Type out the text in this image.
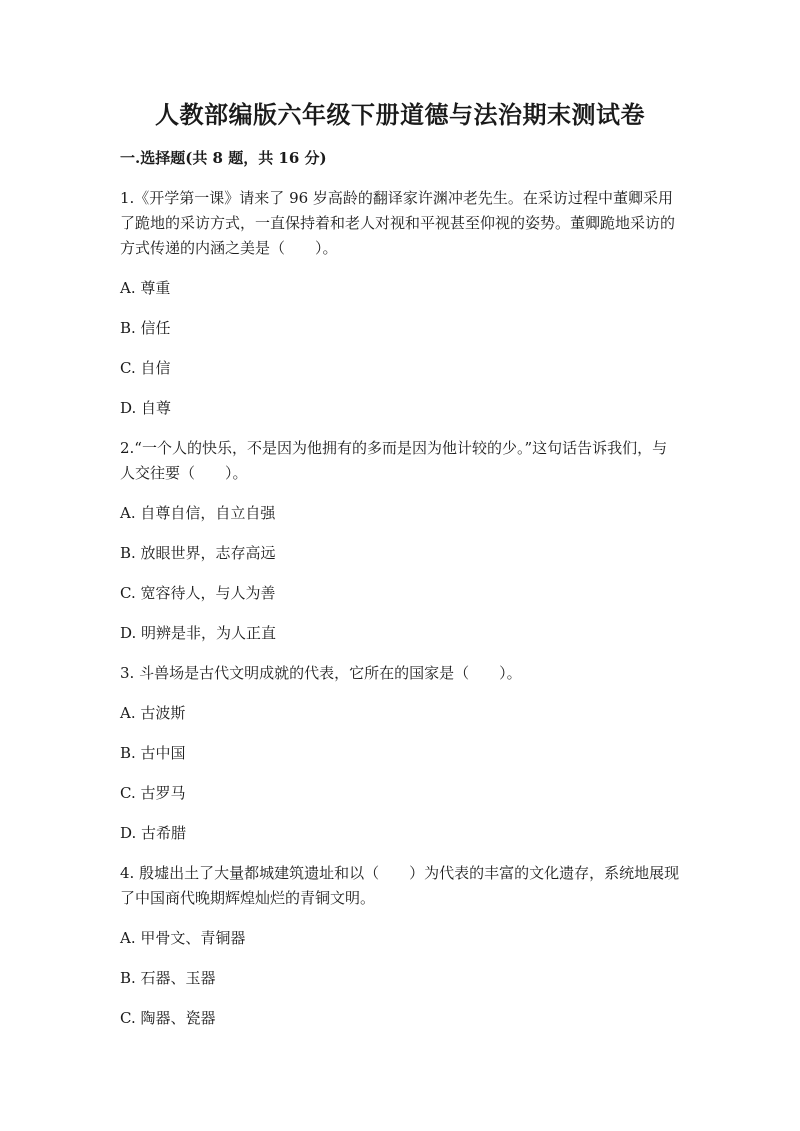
人教部编版六年级下册道德与法治期末测试卷
一.选择题(共 8 题，共 16 分)
1.《开学第一课》请来了 96 岁高龄的翻译家许渊冲老先生。在采访过程中董卿采用了跪地的采访方式，一直保持着和老人对视和平视甚至仰视的姿势。董卿跪地采访的方式传递的内涵之美是（　　）。
A. 尊重
B. 信任
C. 自信
D. 自尊
2.“一个人的快乐，不是因为他拥有的多而是因为他计较的少。”这句话告诉我们，与人交往要（　　）。
A. 自尊自信，自立自强
B. 放眼世界，志存高远
C. 宽容待人，与人为善
D. 明辨是非，为人正直
3. 斗兽场是古代文明成就的代表，它所在的国家是（　　）。
A. 古波斯
B. 古中国
C. 古罗马
D. 古希腊
4. 殷墟出土了大量都城建筑遗址和以（　　）为代表的丰富的文化遗存，系统地展现了中国商代晚期辉煌灿烂的青铜文明。
A. 甲骨文、青铜器
B. 石器、玉器
C. 陶器、瓷器
